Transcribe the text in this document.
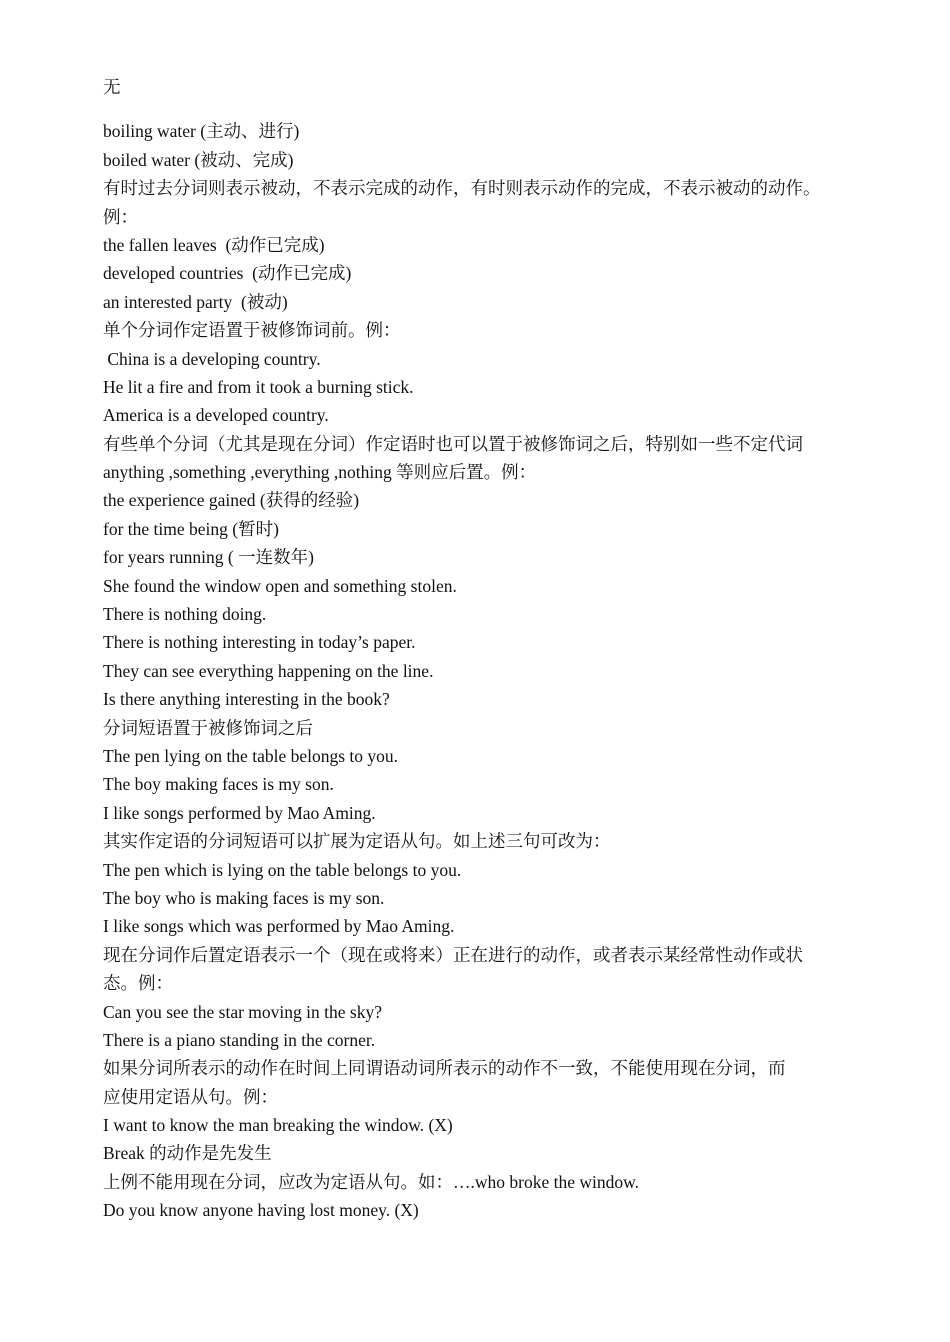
无
boiling water (主动、进行)
boiled water (被动、完成)
有时过去分词则表示被动，不表示完成的动作，有时则表示动作的完成，不表示被动的动作。
例：
the fallen leaves  (动作已完成)
developed countries  (动作已完成)
an interested party  (被动)
单个分词作定语置于被修饰词前。例：
China is a developing country.
He lit a fire and from it took a burning stick.
America is a developed country.
有些单个分词（尤其是现在分词）作定语时也可以置于被修饰词之后，特别如一些不定代词
anything ,something ,everything ,nothing 等则应后置。例：
the experience gained (获得的经验)
for the time being (暂时)
for years running ( 一连数年)
She found the window open and something stolen.
There is nothing doing.
There is nothing interesting in today’s paper.
They can see everything happening on the line.
Is there anything interesting in the book?
分词短语置于被修饰词之后
The pen lying on the table belongs to you.
The boy making faces is my son.
I like songs performed by Mao Aming.
其实作定语的分词短语可以扩展为定语从句。如上述三句可改为：
The pen which is lying on the table belongs to you.
The boy who is making faces is my son.
I like songs which was performed by Mao Aming.
现在分词作后置定语表示一个（现在或将来）正在进行的动作，或者表示某经常性动作或状
态。例：
Can you see the star moving in the sky?
There is a piano standing in the corner.
如果分词所表示的动作在时间上同谓语动词所表示的动作不一致，不能使用现在分词，而
应使用定语从句。例：
I want to know the man breaking the window. (X)
Break 的动作是先发生
上例不能用现在分词，应改为定语从句。如：….who broke the window.
Do you know anyone having lost money. (X)
